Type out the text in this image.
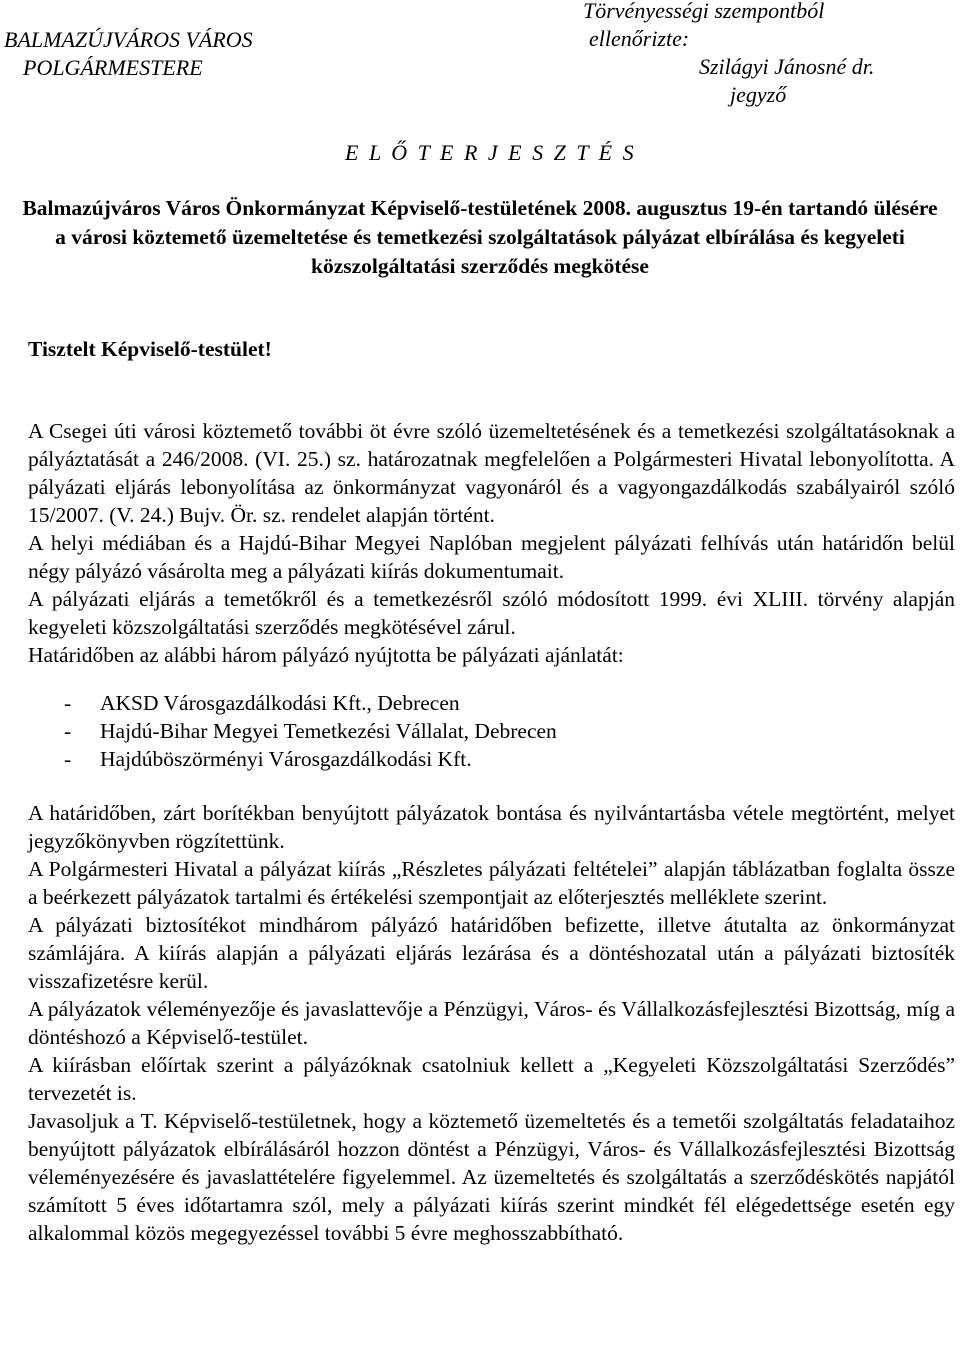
BALMAZÚJVÁROS VÁROS
POLGÁRMESTERE
Törvényességi szempontból
ellenőrizte:
Szilágyi Jánosné dr.
jegyző
E L Ő T E R J E S Z T É S
Balmazújváros Város Önkormányzat Képviselő-testületének 2008. augusztus 19-én tartandó ülésére a városi köztemető üzemeltetése és temetkezési szolgáltatások pályázat elbírálása és kegyeleti közszolgáltatási szerződés megkötése
Tisztelt Képviselő-testület!

A Csegei úti városi köztemető további öt évre szóló üzemeltetésének és a temetkezési szolgáltatásoknak a pályáztatását a 246/2008. (VI. 25.) sz. határozatnak megfelelően a Polgármesteri Hivatal lebonyolította. A pályázati eljárás lebonyolítása az önkormányzat vagyonáról és a vagyongazdálkodás szabályairól szóló 15/2007. (V. 24.) Bujv. Ör. sz. rendelet alapján történt.

A helyi médiában és a Hajdú-Bihar Megyei Naplóban megjelent pályázati felhívás után határidőn belül négy pályázó vásárolta meg a pályázati kiírás dokumentumait.

A pályázati eljárás a temetőkről és a temetkezésről szóló módosított 1999. évi XLIII. törvény alapján kegyeleti közszolgáltatási szerződés megkötésével zárul.

Határidőben az alábbi három pályázó nyújtotta be pályázati ajánlatát:

-	AKSD Városgazdálkodási Kft., Debrecen
-	Hajdú-Bihar Megyei Temetkezési Vállalat, Debrecen
-	Hajdúböszörményi Városgazdálkodási Kft.

A határidőben, zárt borítékban benyújtott pályázatok bontása és nyilvántartásba vétele megtörtént, melyet jegyzőkönyvben rögzítettünk.

A Polgármesteri Hivatal a pályázat kiírás „Részletes pályázati feltételei” alapján táblázatban foglalta össze a beérkezett pályázatok tartalmi és értékelési szempontjait az előterjesztés melléklete szerint.

A pályázati biztosítékot mindhárom pályázó határidőben befizette, illetve átutalta az önkormányzat számlájára. A kiírás alapján a pályázati eljárás lezárása és a döntéshozatal után a pályázati biztosíték visszafizetésre kerül.

A pályázatok véleményezője és javaslattevője a Pénzügyi, Város- és Vállalkozásfejlesztési Bizottság, míg a döntéshozó a Képviselő-testület.

A kiírásban előírtak szerint a pályázóknak csatolniuk kellett a „Kegyeleti Közszolgáltatási Szerződés” tervezetét is.

Javasoljuk a T. Képviselő-testületnek, hogy a köztemető üzemeltetés és a temetői szolgáltatás feladataihoz benyújtott pályázatok elbírálásáról hozzon döntést a Pénzügyi, Város- és Vállalkozásfejlesztési Bizottság véleményezésére és javaslattételére figyelemmel. Az üzemeltetés és szolgáltatás a szerződéskötés napjától számított 5 éves időtartamra szól, mely a pályázati kiírás szerint mindkét fél elégedettsége esetén egy alkalommal közös megegyezéssel további 5 évre meghosszabbítható.
